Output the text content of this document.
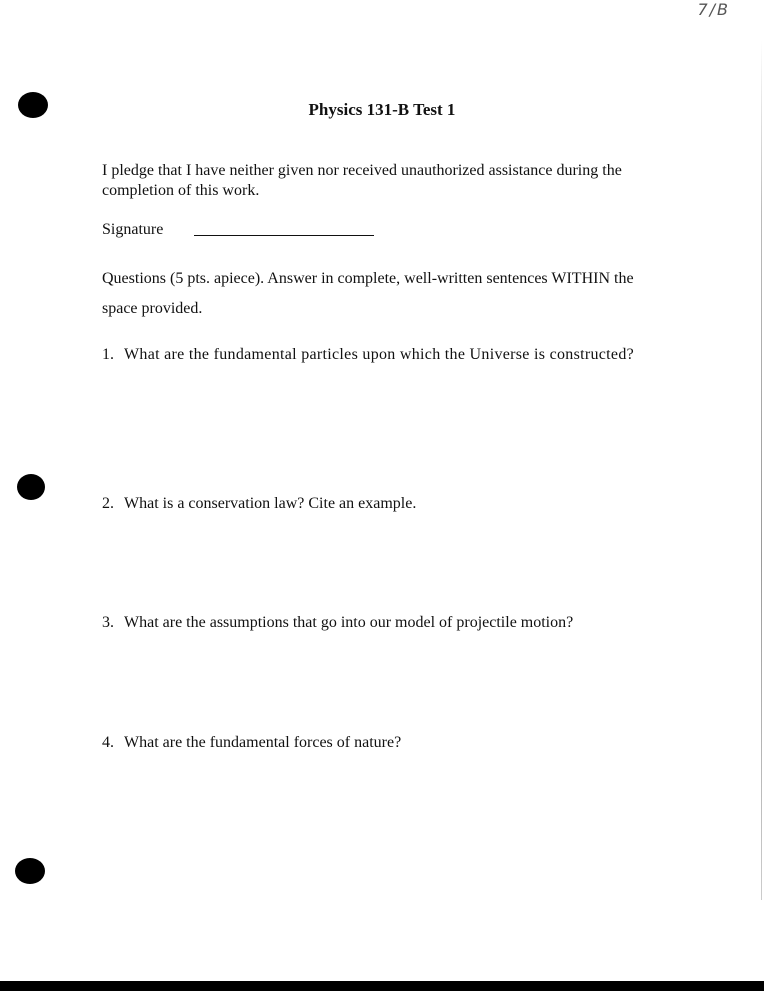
7/B
Physics 131-B Test 1
I pledge that I have neither given nor received unauthorized assistance during the completion of this work.
Signature
Questions (5 pts. apiece). Answer in complete, well-written sentences WITHIN the space provided.
1. What are the fundamental particles upon which the Universe is constructed?
2. What is a conservation law? Cite an example.
3. What are the assumptions that go into our model of projectile motion?
4. What are the fundamental forces of nature?
